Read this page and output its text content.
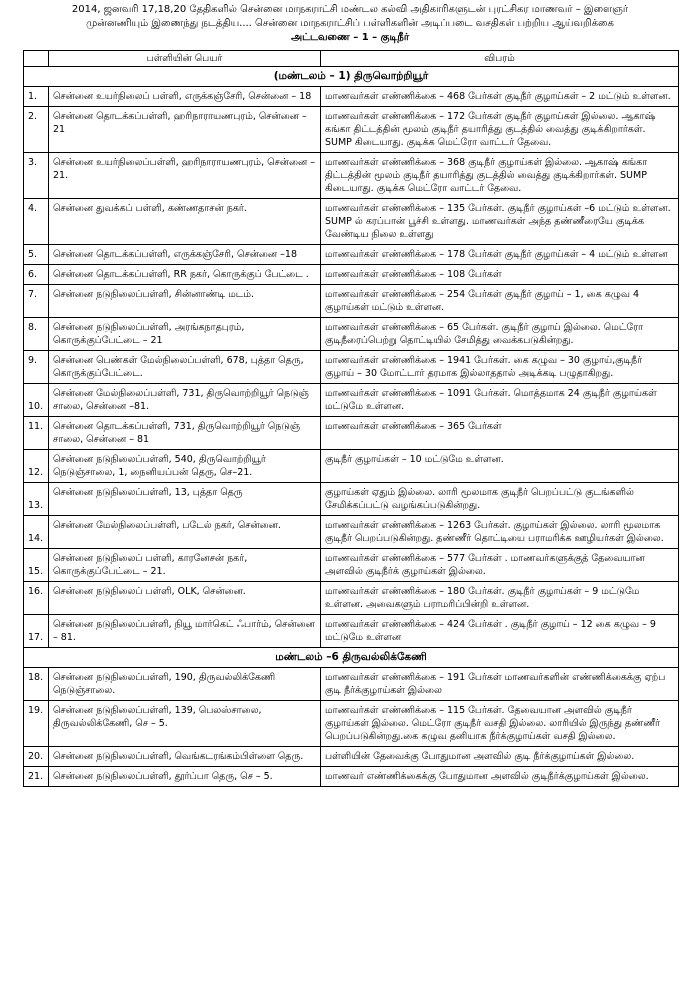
2014, ஜனவரி 17,18,20 தேதிகளில் சென்னை மாநகராட்சி மண்டல கல்வி அதிகாரிகளுடன் புரட்சிகர மாணவர் – இளைஞர்
முன்னணியும் இணைந்து நடத்திய.... சென்னை மாநகராட்சிப் பள்ளிகளின் அடிப்படை வசதிகள் பற்றிய ஆய்வறிக்கை
அட்டவணை – 1 – குடிநீர்
	பள்ளியின் பெயர்	விபரம்
(மண்டலம் – 1) திருவொற்றியூர்		
1.	சென்னை உயர்நிலைப் பள்ளி, எருக்கஞ்சேரி, சென்னை – 18	மாணவர்கள் எண்ணிக்கை – 468 பேர்கள் குடிநீர் குழாய்கள் – 2 மட்டும் உள்ளன.
2.	சென்னை தொடக்கப்பள்ளி, ஹரிநாராயணபுரம், சென்னை –21	மாணவர்கள் எண்ணிக்கை – 172 பேர்கள் குடிநீர் குழாய்கள் இல்லை. ஆகாஷ் கங்கா திட்டத்தின் மூலம் குடிநீர் தயாரித்து குடத்தில் வைத்து குடிக்கிறார்கள். SUMP கிடையாது. குடிக்க மெட்ரோ வாட்டர் தேவை.
3.	சென்னை உயர்நிலைப்பள்ளி, ஹரிநாராயணபுரம், சென்னை –21.	மாணவர்கள் எண்ணிக்கை – 368 குடிநீர் குழாய்கள் இல்லை. ஆகாஷ் கங்கா திட்டத்தின் மூலம் குடிநீர் தயாரித்து குடத்தில் வைத்து குடிக்கிறார்கள். SUMP கிடையாது. குடிக்க மெட்ரோ வாட்டர் தேவை.
4.	சென்னை துவக்கப் பள்ளி, கண்ணதாசன் நகர்.	மாணவர்கள் எண்ணிக்கை – 135 பேர்கள். குடிநீர் குழாய்கள் –6 மட்டும் உள்ளன. SUMP ல் கரப்பான் பூச்சி உள்ளது. மாணவர்கள் அந்த தண்ணீரையே குடிக்க வேண்டிய நிலை உள்ளது
5.	சென்னை தொடக்கப்பள்ளி, எருக்கஞ்சேரி, சென்னை –18	மாணவர்கள் எண்ணிக்கை – 178 பேர்கள் குடிநீர் குழாய்கள் – 4 மட்டும் உள்ளன
6.	சென்னை தொடக்கப்பள்ளி, RR நகர், கொருக்குப் பேட்டை .	மாணவர்கள் எண்ணிக்கை – 108 பேர்கள்
7.	சென்னை நடுநிலைப்பள்ளி, சின்னாண்டி மடம்.	மாணவர்கள் எண்ணிக்கை – 254 பேர்கள் குடிநீர் குழாய் – 1, கை கழுவ 4 குழாய்கள் மட்டும் உள்ளன.
8.	சென்னை நடுநிலைப்பள்ளி, அரங்கநாதபுரம், கொருக்குப்பேட்டை – 21	மாணவர்கள் எண்ணிக்கை – 65 பேர்கள். குடிநீர் குழாய் இல்லை. மெட்ரோ குடிநீரைப்பெற்று தொட்டியில் சேமித்து வைக்கபடுகின்றது.
9.	சென்னை பெண்கள் மேல்நிலைப்பள்ளி, 678, புத்தா தெரு, கொருக்குப்பேட்டை.	மாணவர்கள் எண்ணிக்கை – 1941 பேர்கள். கை கழுவ – 30 குழாய்,குடிநீர் குழாய் – 30 மோட்டார் தரமாக இல்லாததால் அடிக்கடி பழுதாகிறது.
10.	சென்னை மேல்நிலைப்பள்ளி, 731, திருவொற்றியூர் நெடுஞ் சாலை, சென்னை –81.	மாணவர்கள் எண்ணிக்கை – 1091 பேர்கள். மொத்தமாக 24 குடிநீர் குழாய்கள் மட்டுமே உள்ளன.
11.	சென்னை தொடக்கப்பள்ளி, 731, திருவொற்றியூர் நெடுஞ் சாலை, சென்னை – 81	மாணவர்கள் எண்ணிக்கை – 365 பேர்கள்
12.	சென்னை நடுநிலைப்பள்ளி, 540, திருவொற்றியூர் நெடுஞ்சாலை, 1, நைனியப்பன் தெரு, செ–21.	குடிநீர் குழாய்கள் – 10 மட்டுமே உள்ளன.
13.	சென்னை நடுநிலைப்பள்ளி, 13, புத்தா தெரு	குழாய்கள் ஏதும் இல்லை. லாரி மூலமாக குடிநீர் பெறப்பட்டு குடங்களில் சேமிக்கப்பட்டு வழங்கப்படுகின்றது.
14.	சென்னை மேல்நிலைப்பள்ளி, படேல் நகர், சென்னை.	மாணவர்கள் எண்ணிக்கை – 1263 பேர்கள். குழாய்கள் இல்லை. லாரி மூலமாக குடிநீர் பெறப்படுகின்றது. தண்ணீர் தொட்டியை பராமரிக்க ஊழியர்கள் இல்லை.
15.	சென்னை நடுநிலைப் பள்ளி, காரனேசன் நகர், கொருக்குப்பேட்டை – 21.	மாணவர்கள் எண்ணிக்கை – 577 பேர்கள் . மாணவர்களுக்குத் தேவையான அளவில் குடிநீர்க் குழாய்கள் இல்லை.
16.	சென்னை நடுநிலைப் பள்ளி, OLK, சென்னை.	மாணவர்கள் எண்ணிக்கை – 180 பேர்கள். குடிநீர் குழாய்கள் – 9 மட்டுமே உள்ளன. அவைகளும் பராமரிப்பின்றி உள்ளன.
17.	சென்னை நடுநிலைப்பள்ளி, நியூ மார்கெட் ஃபார்ம், சென்னை – 81.	மாணவர்கள் எண்ணிக்கை – 424 பேர்கள் . குடிநீர் குழாய் – 12 கை கழுவ – 9 மட்டுமே உள்ளன
மண்டலம் –6 திருவல்லிக்கேணி		
18.	சென்னை நடுநிலைப்பள்ளி, 190, திருவல்லிக்கேணி நெடுஞ்சாலை.	மாணவர்கள் எண்ணிக்கை – 191 பேர்கள் மாணவர்களின் எண்ணிக்கைக்கு ஏற்ப குடி நீர்க்குழாய்கள் இல்லை
19.	சென்னை நடுநிலைப்பள்ளி, 139, பெலஸ்சாலை, திருவல்லிக்கேணி, செ – 5.	மாணவர்கள் எண்ணிக்கை – 115 பேர்கள். தேவையான அளவில் குடிநீர் குழாய்கள் இல்லை. மெட்ரோ குடிநீர் வசதி இல்லை. லாரியில் இருந்து தண்ணீர் பெறப்படுகின்றது.கை கழுவ தனியாக நீர்க்குழாய்கள் வசதி இல்லை.
20.	சென்னை நடுநிலைப்பள்ளி, வெங்கடரங்கம்பிள்ளை தெரு.	பள்ளியின் தேவைக்கு போதுமான அளவில் குடி நீர்க்குழாய்கள் இல்லை.
21.	சென்னை நடுநிலைப்பள்ளி, தூர்ப்பா தெரு, செ – 5.	மாணவர் எண்ணிக்கைக்கு போதுமான அளவில் குடிநீர்க்குழாய்கள் இல்லை.
